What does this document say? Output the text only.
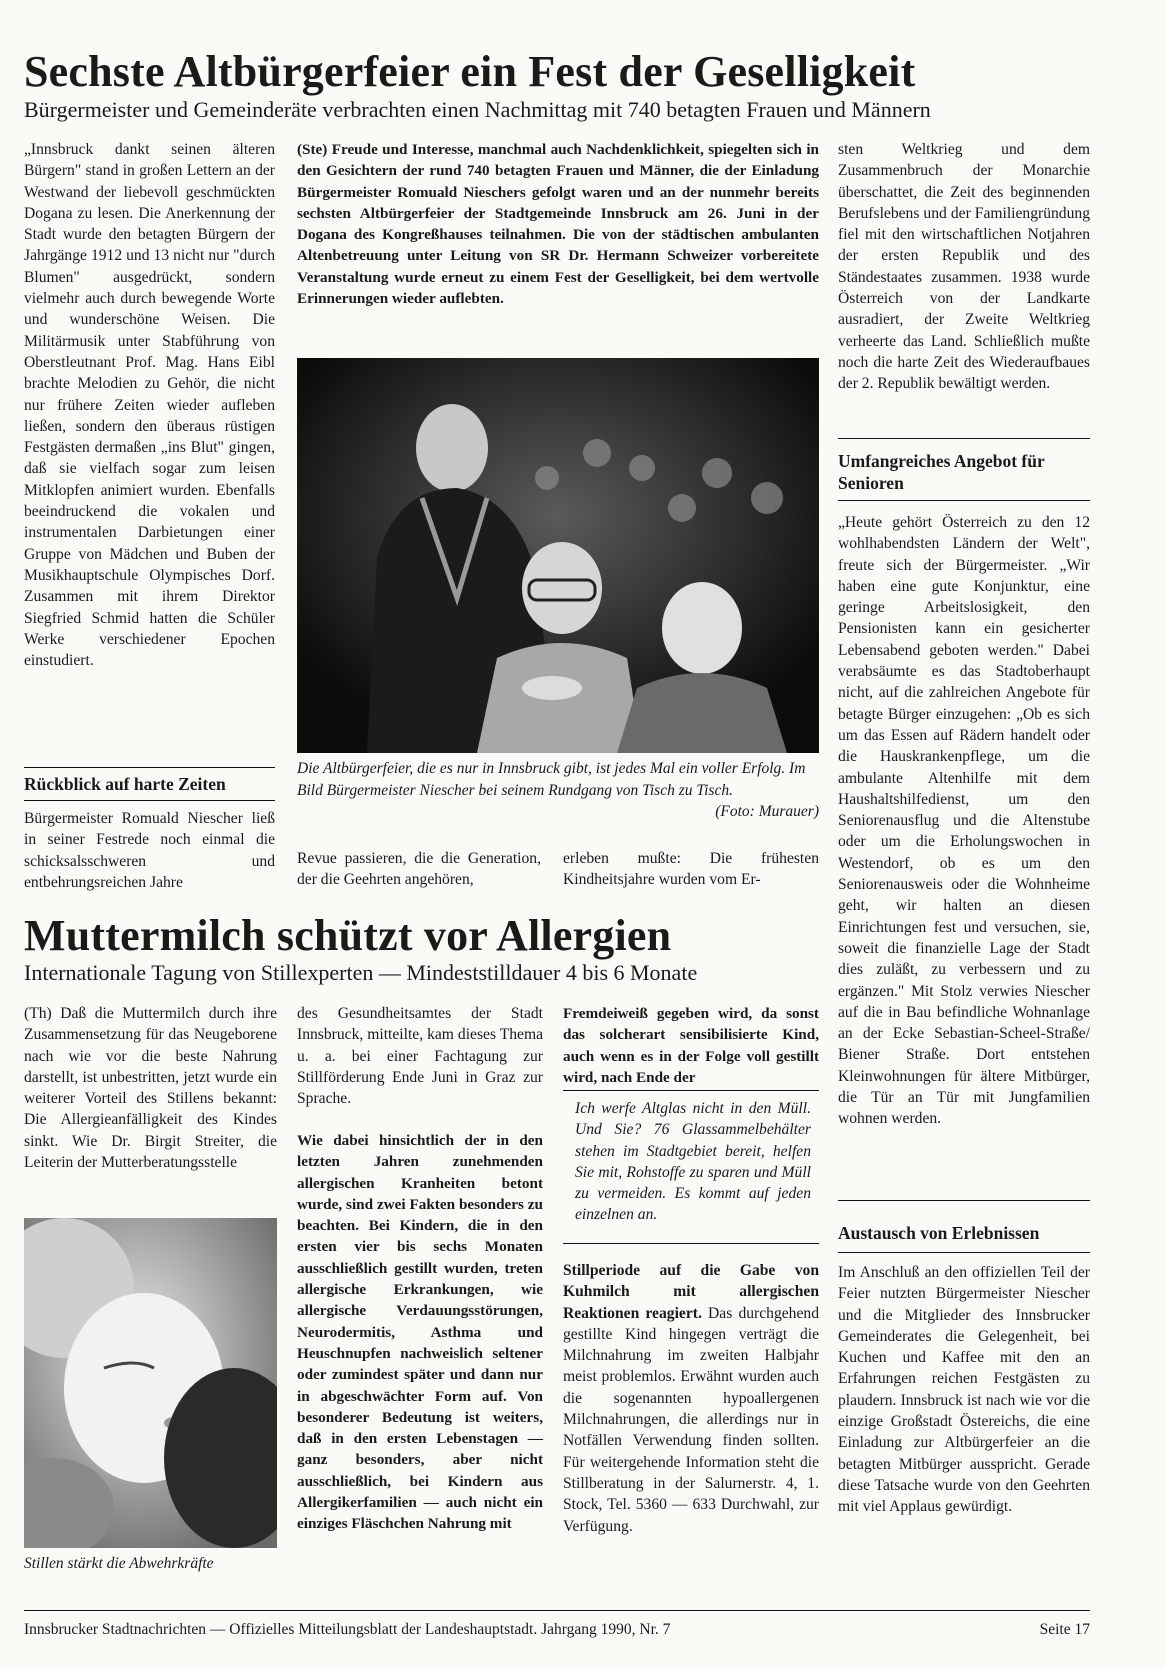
Sechste Altbürgerfeier ein Fest der Geselligkeit
Bürgermeister und Gemeinderäte verbrachten einen Nachmittag mit 740 betagten Frauen und Männern
„Innsbruck dankt seinen älteren Bürgern" stand in großen Lettern an der Westwand der liebevoll geschmückten Dogana zu lesen. Die Anerkennung der Stadt wurde den betagten Bürgern der Jahrgänge 1912 und 13 nicht nur "durch Blumen" ausgedrückt, sondern vielmehr auch durch bewegende Worte und wunderschöne Weisen. Die Militärmusik unter Stabführung von Oberstleutnant Prof. Mag. Hans Eibl brachte Melodien zu Gehör, die nicht nur frühere Zeiten wieder aufleben ließen, sondern den überaus rüstigen Festgästen dermaßen „ins Blut" gingen, daß sie vielfach sogar zum leisen Mitklopfen animiert wurden. Ebenfalls beeindruckend die vokalen und instrumentalen Darbietungen einer Gruppe von Mädchen und Buben der Musikhauptschule Olympisches Dorf. Zusammen mit ihrem Direktor Siegfried Schmid hatten die Schüler Werke verschiedener Epochen einstudiert.
Rückblick auf harte Zeiten
Bürgermeister Romuald Niescher ließ in seiner Festrede noch einmal die schicksalsschweren und entbehrungsreichen Jahre
(Ste) Freude und Interesse, manchmal auch Nachdenklichkeit, spiegelten sich in den Gesichtern der rund 740 betagten Frauen und Männer, die der Einladung Bürgermeister Romuald Nieschers gefolgt waren und an der nunmehr bereits sechsten Altbürgerfeier der Stadtgemeinde Innsbruck am 26. Juni in der Dogana des Kongreßhauses teilnahmen. Die von der städtischen ambulanten Altenbetreuung unter Leitung von SR Dr. Hermann Schweizer vorbereitete Veranstaltung wurde erneut zu einem Fest der Geselligkeit, bei dem wertvolle Erinnerungen wieder auflebten.
Die Altbürgerfeier, die es nur in Innsbruck gibt, ist jedes Mal ein voller Erfolg. Im Bild Bürgermeister Niescher bei seinem Rundgang von Tisch zu Tisch.
(Foto: Murauer)
Revue passieren, die die Generation, der die Geehrten angehören,
erleben mußte: Die frühesten Kindheitsjahre wurden vom Er-
sten Weltkrieg und dem Zusammenbruch der Monarchie überschattet, die Zeit des beginnenden Berufslebens und der Familiengründung fiel mit den wirtschaftlichen Notjahren der ersten Republik und des Ständestaates zusammen. 1938 wurde Österreich von der Landkarte ausradiert, der Zweite Weltkrieg verheerte das Land. Schließlich mußte noch die harte Zeit des Wiederaufbaues der 2. Republik bewältigt werden.
Umfangreiches Angebot für Senioren
„Heute gehört Österreich zu den 12 wohlhabendsten Ländern der Welt", freute sich der Bürgermeister. „Wir haben eine gute Konjunktur, eine geringe Arbeitslosigkeit, den Pensionisten kann ein gesicherter Lebensabend geboten werden." Dabei verabsäumte es das Stadtoberhaupt nicht, auf die zahlreichen Angebote für betagte Bürger einzugehen: „Ob es sich um das Essen auf Rädern handelt oder die Hauskrankenpflege, um die ambulante Altenhilfe mit dem Haushaltshilfedienst, um den Seniorenausflug und die Altenstube oder um die Erholungswochen in Westendorf, ob es um den Seniorenausweis oder die Wohnheime geht, wir halten an diesen Einrichtungen fest und versuchen, sie, soweit die finanzielle Lage der Stadt dies zuläßt, zu verbessern und zu ergänzen." Mit Stolz verwies Niescher auf die in Bau befindliche Wohnanlage an der Ecke Sebastian-Scheel-Straße/ Biener Straße. Dort entstehen Kleinwohnungen für ältere Mitbürger, die Tür an Tür mit Jungfamilien wohnen werden.
Austausch von Erlebnissen
Im Anschluß an den offiziellen Teil der Feier nutzten Bürgermeister Niescher und die Mitglieder des Innsbrucker Gemeinderates die Gelegenheit, bei Kuchen und Kaffee mit den an Erfahrungen reichen Festgästen zu plaudern. Innsbruck ist nach wie vor die einzige Großstadt Östereichs, die eine Einladung zur Altbürgerfeier an die betagten Mitbürger ausspricht. Gerade diese Tatsache wurde von den Geehrten mit viel Applaus gewürdigt.
Muttermilch schützt vor Allergien
Internationale Tagung von Stillexperten — Mindeststilldauer 4 bis 6 Monate
(Th) Daß die Muttermilch durch ihre Zusammensetzung für das Neugeborene nach wie vor die beste Nahrung darstellt, ist unbestritten, jetzt wurde ein weiterer Vorteil des Stillens bekannt: Die Allergieanfälligkeit des Kindes sinkt. Wie Dr. Birgit Streiter, die Leiterin der Mutterberatungsstelle
Stillen stärkt die Abwehrkräfte
des Gesundheitsamtes der Stadt Innsbruck, mitteilte, kam dieses Thema u. a. bei einer Fachtagung zur Stillförderung Ende Juni in Graz zur Sprache.
Wie dabei hinsichtlich der in den letzten Jahren zunehmenden allergischen Kranheiten betont wurde, sind zwei Fakten besonders zu beachten. Bei Kindern, die in den ersten vier bis sechs Monaten ausschließlich gestillt wurden, treten allergische Erkrankungen, wie allergische Verdauungsstörungen, Neurodermitis, Asthma und Heuschnupfen nachweislich seltener oder zumindest später und dann nur in abgeschwächter Form auf. Von besonderer Bedeutung ist weiters, daß in den ersten Lebenstagen — ganz besonders, aber nicht ausschließlich, bei Kindern aus Allergikerfamilien — auch nicht ein einziges Fläschchen Nahrung mit
Fremdeiweiß gegeben wird, da sonst das solcherart sensibilisierte Kind, auch wenn es in der Folge voll gestillt wird, nach Ende der
Ich werfe Altglas nicht in den Müll. Und Sie? 76 Glassammelbehälter stehen im Stadtgebiet bereit, helfen Sie mit, Rohstoffe zu sparen und Müll zu vermeiden. Es kommt auf jeden einzelnen an.
Stillperiode auf die Gabe von Kuhmilch mit allergischen Reaktionen reagiert. Das durchgehend gestillte Kind hingegen verträgt die Milchnahrung im zweiten Halbjahr meist problemlos. Erwähnt wurden auch die sogenannten hypoallergenen Milchnahrungen, die allerdings nur in Notfällen Verwendung finden sollten. Für weitergehende Information steht die Stillberatung in der Salurnerstr. 4, 1. Stock, Tel. 5360 — 633 Durchwahl, zur Verfügung.
Innsbrucker Stadtnachrichten — Offizielles Mitteilungsblatt der Landeshauptstadt. Jahrgang 1990, Nr. 7	Seite 17
